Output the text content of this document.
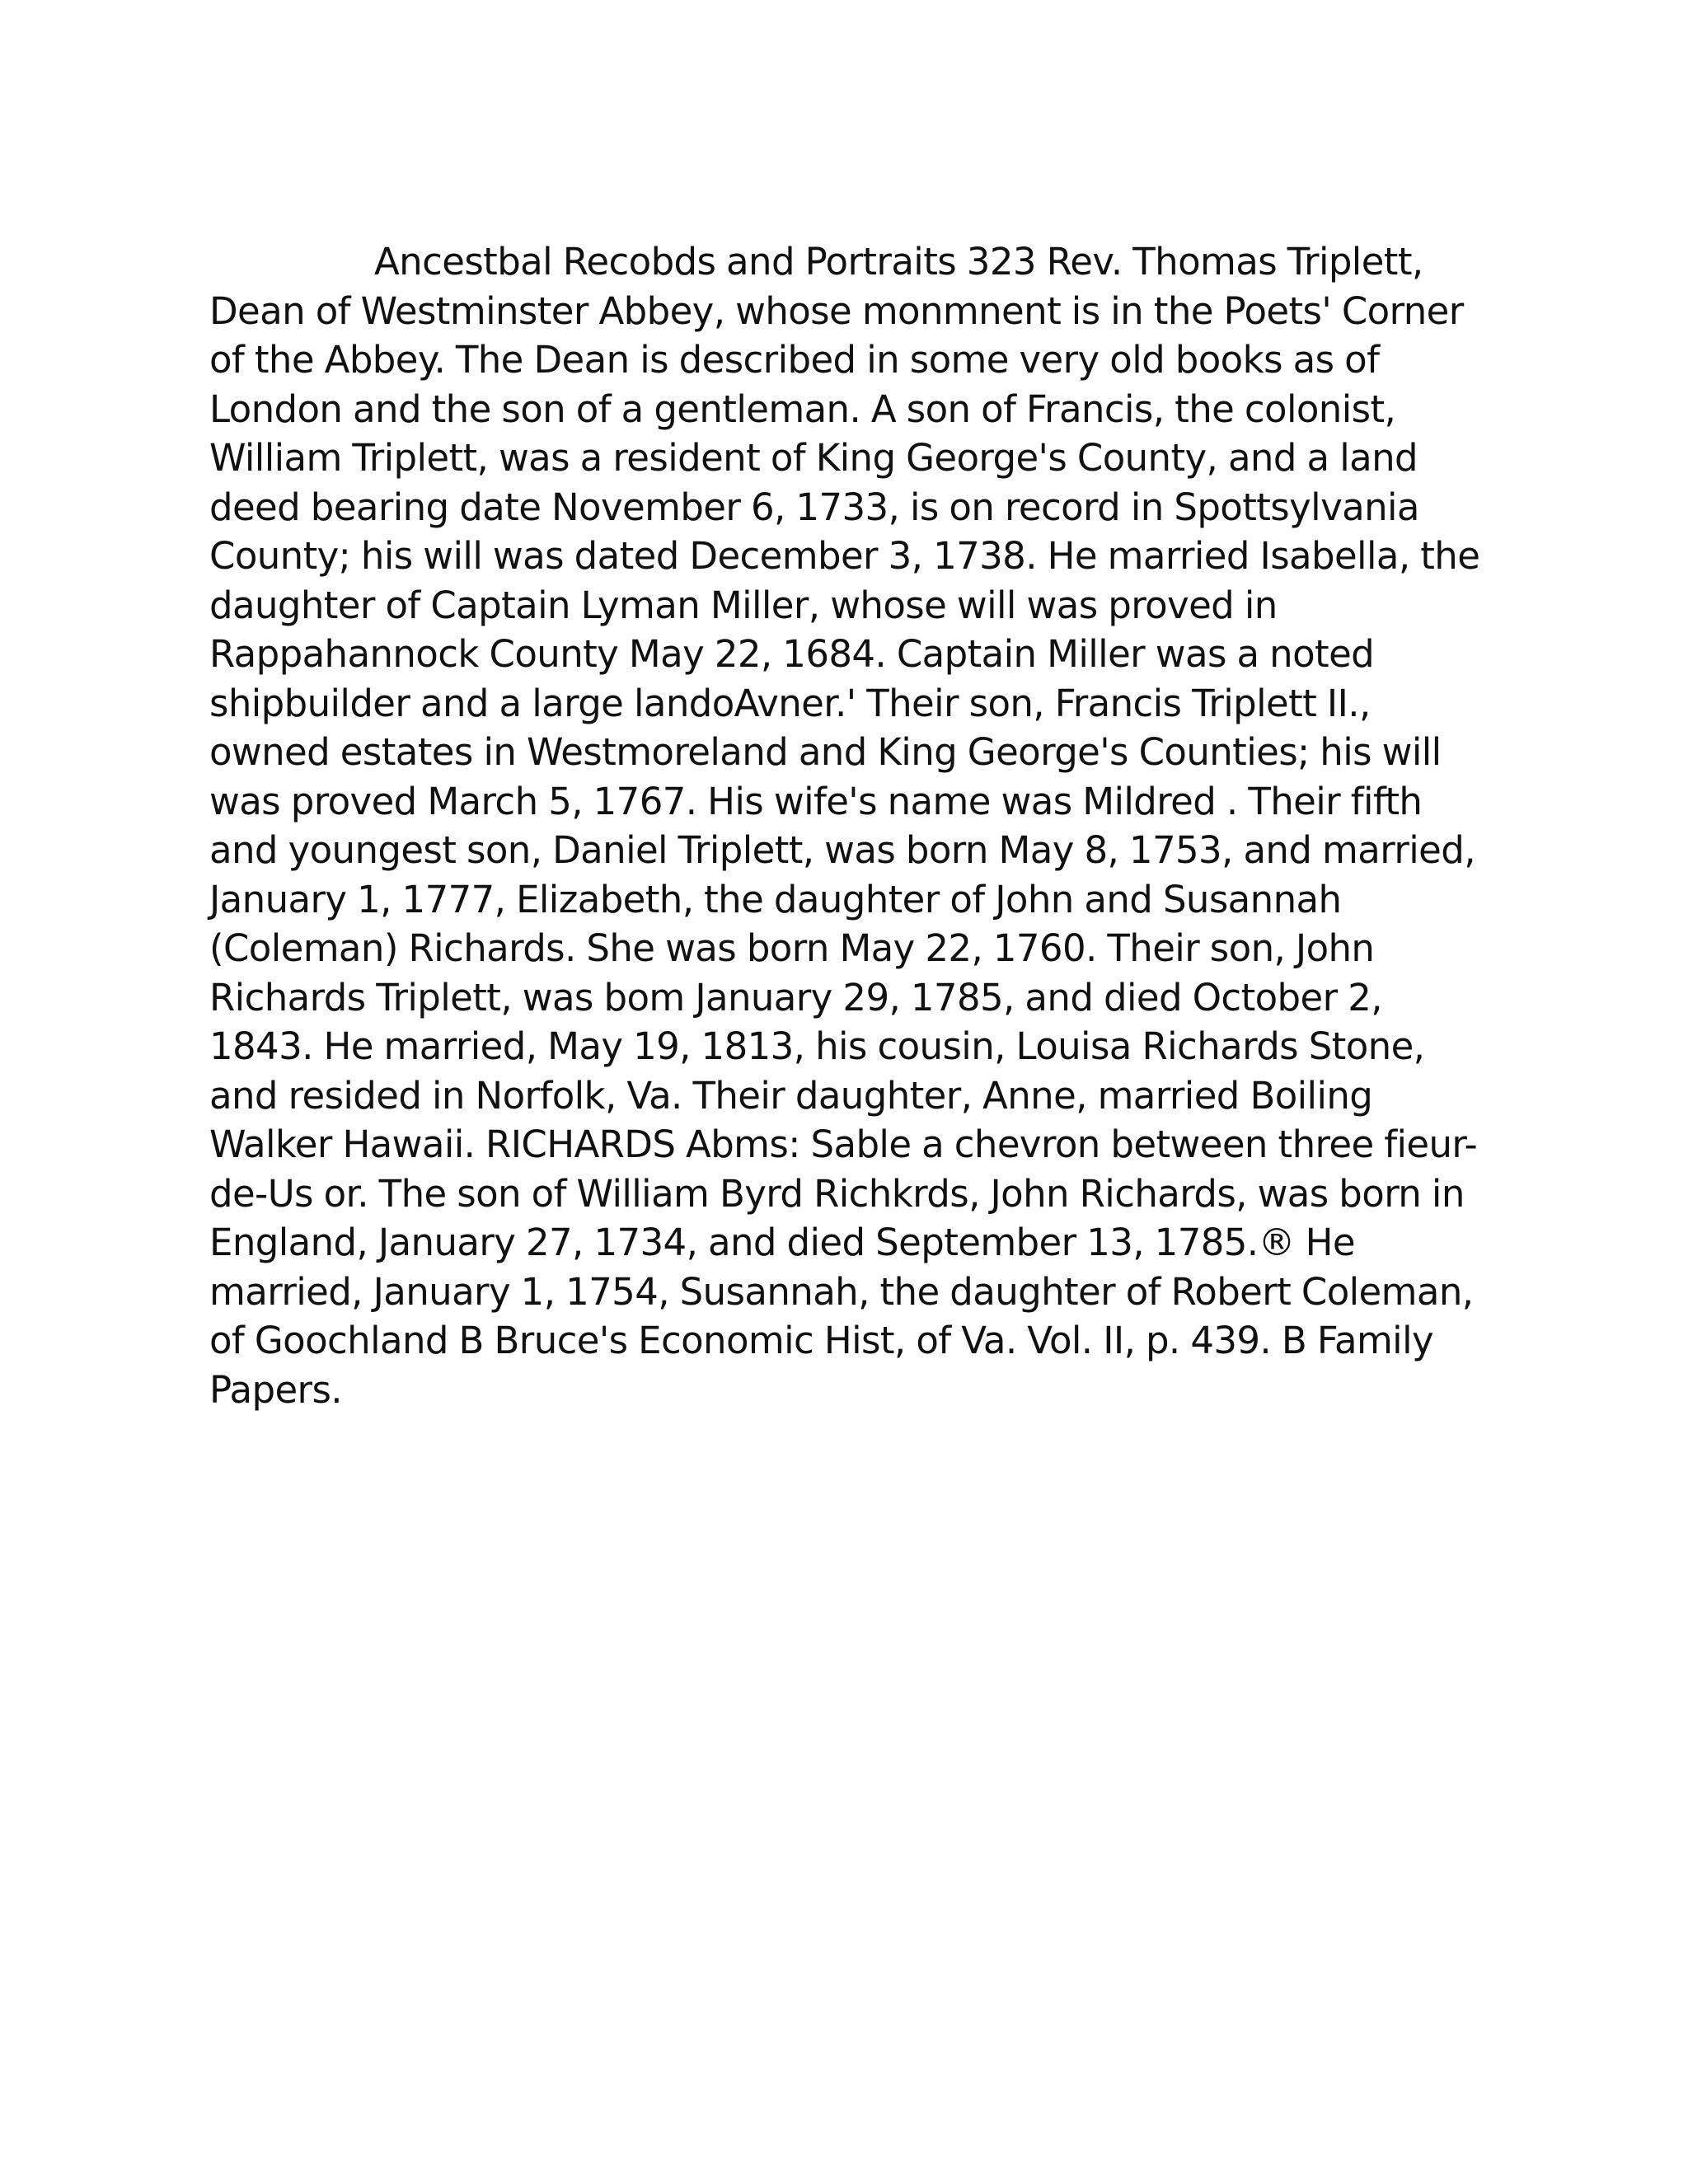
Ancestbal Recobds and Portraits 323 Rev. Thomas Triplett, Dean of Westminster Abbey, whose monmnent is in the Poets' Corner of the Abbey. The Dean is described in some very old books as of London and the son of a gentleman. A son of Francis, the colonist, William Triplett, was a resident of King George's County, and a land deed bearing date November 6, 1733, is on record in Spottsylvania County; his will was dated December 3, 1738. He married Isabella, the daughter of Captain Lyman Miller, whose will was proved in Rappahannock County May 22, 1684. Captain Miller was a noted shipbuilder and a large landoAvner.' Their son, Francis Triplett II., owned estates in Westmoreland and King George's Counties; his will was proved March 5, 1767. His wife's name was Mildred . Their fifth and youngest son, Daniel Triplett, was born May 8, 1753, and married, January 1, 1777, Elizabeth, the daughter of John and Susannah (Coleman) Richards. She was born May 22, 1760. Their son, John Richards Triplett, was bom January 29, 1785, and died October 2, 1843. He married, May 19, 1813, his cousin, Louisa Richards Stone, and resided in Norfolk, Va. Their daughter, Anne, married Boiling Walker Hawaii. RICHARDS Abms: Sable a chevron between three fieur-de-Us or. The son of William Byrd Richkrds, John Richards, was born in England, January 27, 1734, and died September 13, 1785.® He married, January 1, 1754, Susannah, the daughter of Robert Coleman, of Goochland B Bruce's Economic Hist, of Va. Vol. II, p. 439. B Family Papers.
